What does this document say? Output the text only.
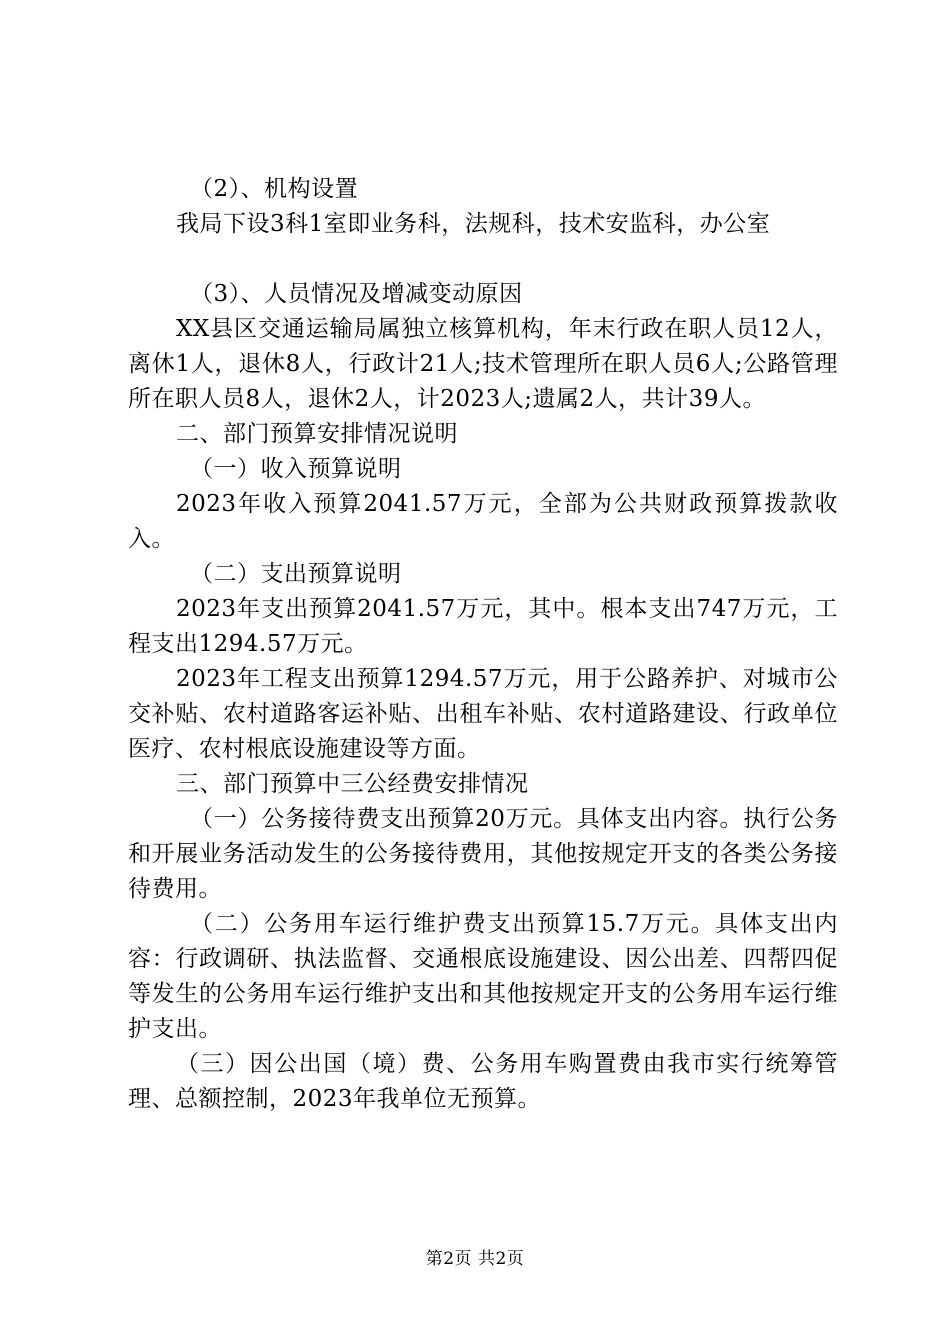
（2）、机构设置

我局下设3科1室即业务科，法规科，技术安监科，办公室

（3）、人员情况及增减变动原因

XX县区交通运输局属独立核算机构，年末行政在职人员12人，离休1人，退休8人，行政计21人;技术管理所在职人员6人;公路管理所在职人员8人，退休2人，计2023人;遗属2人，共计39人。

二、部门预算安排情况说明

（一）收入预算说明

2023年收入预算2041.57万元，全部为公共财政预算拨款收入。

（二）支出预算说明

2023年支出预算2041.57万元，其中。根本支出747万元，工程支出1294.57万元。

2023年工程支出预算1294.57万元，用于公路养护、对城市公交补贴、农村道路客运补贴、出租车补贴、农村道路建设、行政单位医疗、农村根底设施建设等方面。

三、部门预算中三公经费安排情况

（一）公务接待费支出预算20万元。具体支出内容。执行公务和开展业务活动发生的公务接待费用，其他按规定开支的各类公务接待费用。

（二）公务用车运行维护费支出预算15.7万元。具体支出内容：行政调研、执法监督、交通根底设施建设、因公出差、四帮四促等发生的公务用车运行维护支出和其他按规定开支的公务用车运行维护支出。

（三）因公出国（境）费、公务用车购置费由我市实行统筹管理、总额控制，2023年我单位无预算。

第2页 共2页
